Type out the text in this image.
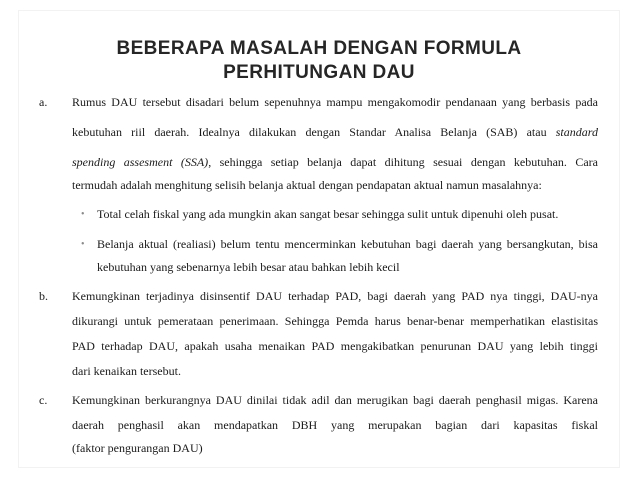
BEBERAPA MASALAH DENGAN FORMULA
PERHITUNGAN DAU
a. Rumus DAU tersebut disadari belum sepenuhnya mampu mengakomodir pendanaan yang berbasis pada
kebutuhan riil daerah. Idealnya dilakukan dengan Standar Analisa Belanja (SAB) atau standard
spending assesment (SSA), sehingga setiap belanja dapat dihitung sesuai dengan kebutuhan. Cara
termudah adalah menghitung selisih belanja aktual dengan pendapatan aktual namun masalahnya:
• Total celah fiskal yang ada mungkin akan sangat besar sehingga sulit untuk dipenuhi oleh pusat.
• Belanja aktual (realiasi) belum tentu mencerminkan kebutuhan bagi daerah yang bersangkutan, bisa
kebutuhan yang sebenarnya lebih besar atau bahkan lebih kecil
b. Kemungkinan terjadinya disinsentif DAU terhadap PAD, bagi daerah yang PAD nya tinggi, DAU-nya
dikurangi untuk pemerataan penerimaan. Sehingga Pemda harus benar-benar memperhatikan elastisitas
PAD terhadap DAU, apakah usaha menaikan PAD mengakibatkan penurunan DAU yang lebih tinggi
dari kenaikan tersebut.
c. Kemungkinan berkurangnya DAU dinilai tidak adil dan merugikan bagi daerah penghasil migas. Karena
daerah penghasil akan mendapatkan DBH yang merupakan bagian dari kapasitas fiskal
(faktor pengurangan DAU)
